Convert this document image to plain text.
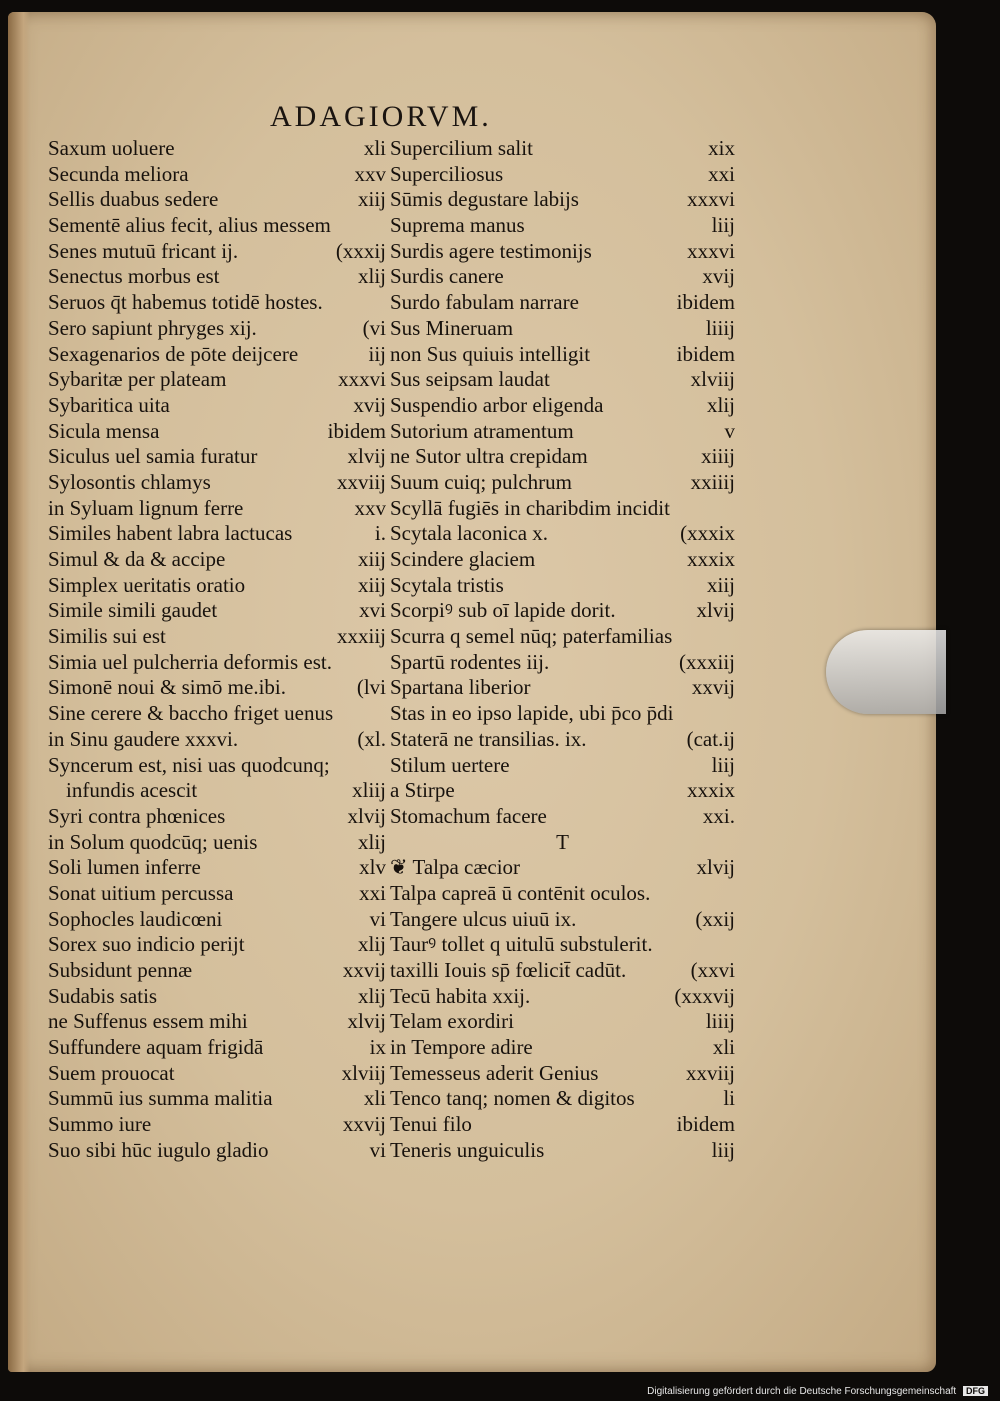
ADAGIORVM.
Saxum uoluere	xli
Secunda meliora	xxv
Sellis duabus sedere	xiij
Sementē alius fecit, alius messem
Senes mutuū fricant ij.	(xxxij
Senectus morbus est	xlij
Seruos q̄t habemus totidē hostes.
Sero sapiunt phryges xij.	(vi
Sexagenarios de pōte deijcere	iij
Sybaritæ per plateam	xxxvi
Sybaritica uita	xvij
Sicula mensa	ibidem
Siculus uel samia furatur	xlvij
Sylosontis chlamys	xxviij
in Syluam lignum ferre	xxv
Similes habent labra lactucas	i.
Simul & da & accipe	xiij
Simplex ueritatis oratio	xiij
Simile simili gaudet	xvi
Similis sui est	xxxiij
Simia uel pulcherria deformis est.
Simonē noui & simō me.ibi.	(lvi
Sine cerere & baccho friget uenus
in Sinu gaudere xxxvi.	(xl.
Syncerum est, nisi uas quodcunq;
infundis acescit	xliij
Syri contra phœnices	xlvij
in Solum quodcūq; uenis	xlij
Soli lumen inferre	xlv
Sonat uitium percussa	xxi
Sophocles laudicœni	vi
Sorex suo indicio perijt	xlij
Subsidunt pennæ	xxvij
Sudabis satis	xlij
ne Suffenus essem mihi	xlvij
Suffundere aquam frigidā	ix
Suem prouocat	xlviij
Summū ius summa malitia	xli
Summo iure	xxvij
Suo sibi hūc iugulo gladio	vi
Supercilium salit	xix
Superciliosus	xxi
Sūmis degustare labijs	xxxvi
Suprema manus	liij
Surdis agere testimonijs	xxxvi
Surdis canere	xvij
Surdo fabulam narrare	ibidem
Sus Mineruam	liiij
non Sus quiuis intelligit	ibidem
Sus seipsam laudat	xlviij
Suspendio arbor eligenda	xlij
Sutorium atramentum	v
ne Sutor ultra crepidam	xiiij
Suum cuiq; pulchrum	xxiiij
Scyllā fugiēs in charibdim incidit
Scytala laconica x.	(xxxix
Scindere glaciem	xxxix
Scytala tristis	xiij
Scorpiꝰ sub oī lapide dorit.	xlvij
Scurra q semel nūq; paterfamilias
Spartū rodentes iij.	(xxxiij
Spartana liberior	xxvij
Stas in eo ipso lapide, ubi p̄co p̄di
Staterā ne transilias. ix.	(cat.ij
Stilum uertere	liij
a Stirpe	xxxix
Stomachum facere	xxi.
T
❦ Talpa cæcior	xlvij
Talpa capreā ū contēnit oculos.
Tangere ulcus uiuū ix.	(xxij
Taurꝰ tollet q uitulū substulerit.
taxilli Iouis sp̄ fœlicit̄ cadūt.	(xxvi
Tecū habita xxij.	(xxxvij
Telam exordiri	liiij
in Tempore adire	xli
Temesseus aderit Genius	xxviij
Tenco tanq; nomen & digitos	li
Tenui filo	ibidem
Teneris unguiculis	liij
Digitalisierung gefördert durch die Deutsche Forschungsgemeinschaft DFG
